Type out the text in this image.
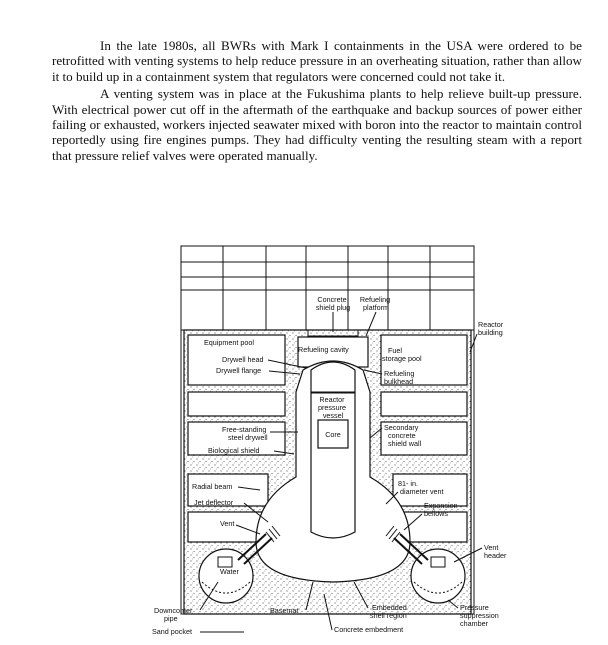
In the late 1980s, all BWRs with Mark I containments in the USA were ordered to be retrofitted with venting systems to help reduce pressure in an overheating situation, rather than allow it to build up in a containment system that regulators were concerned could not take it.

A venting system was in place at the Fukushima plants to help relieve built-up pressure. With electrical power cut off in the aftermath of the earthquake and backup sources of power either failing or exhausted, workers injected seawater mixed with boron into the reactor to maintain control reportedly using fire engines pumps. They had difficulty venting the resulting steam with a report that pressure relief valves were operated manually.

Concrete shield plug
Refueling platform
Reactor building
Equipment pool
Refueling cavity	Fuel storage pool
Drywell head
Drywell flange	Refueling bulkhead
Reactor pressure vessel
Free-standing steel drywell
Secondary concrete shield wall
Core
Biological shield
Radial beam	81- in. diameter vent
Jet deflector	Expansion bellows
Vent
Vent header
Water
Downcomer pipe
Basemat	Embedded shell region
Pressure suppression chamber
Sand pocket	Concrete embedment
